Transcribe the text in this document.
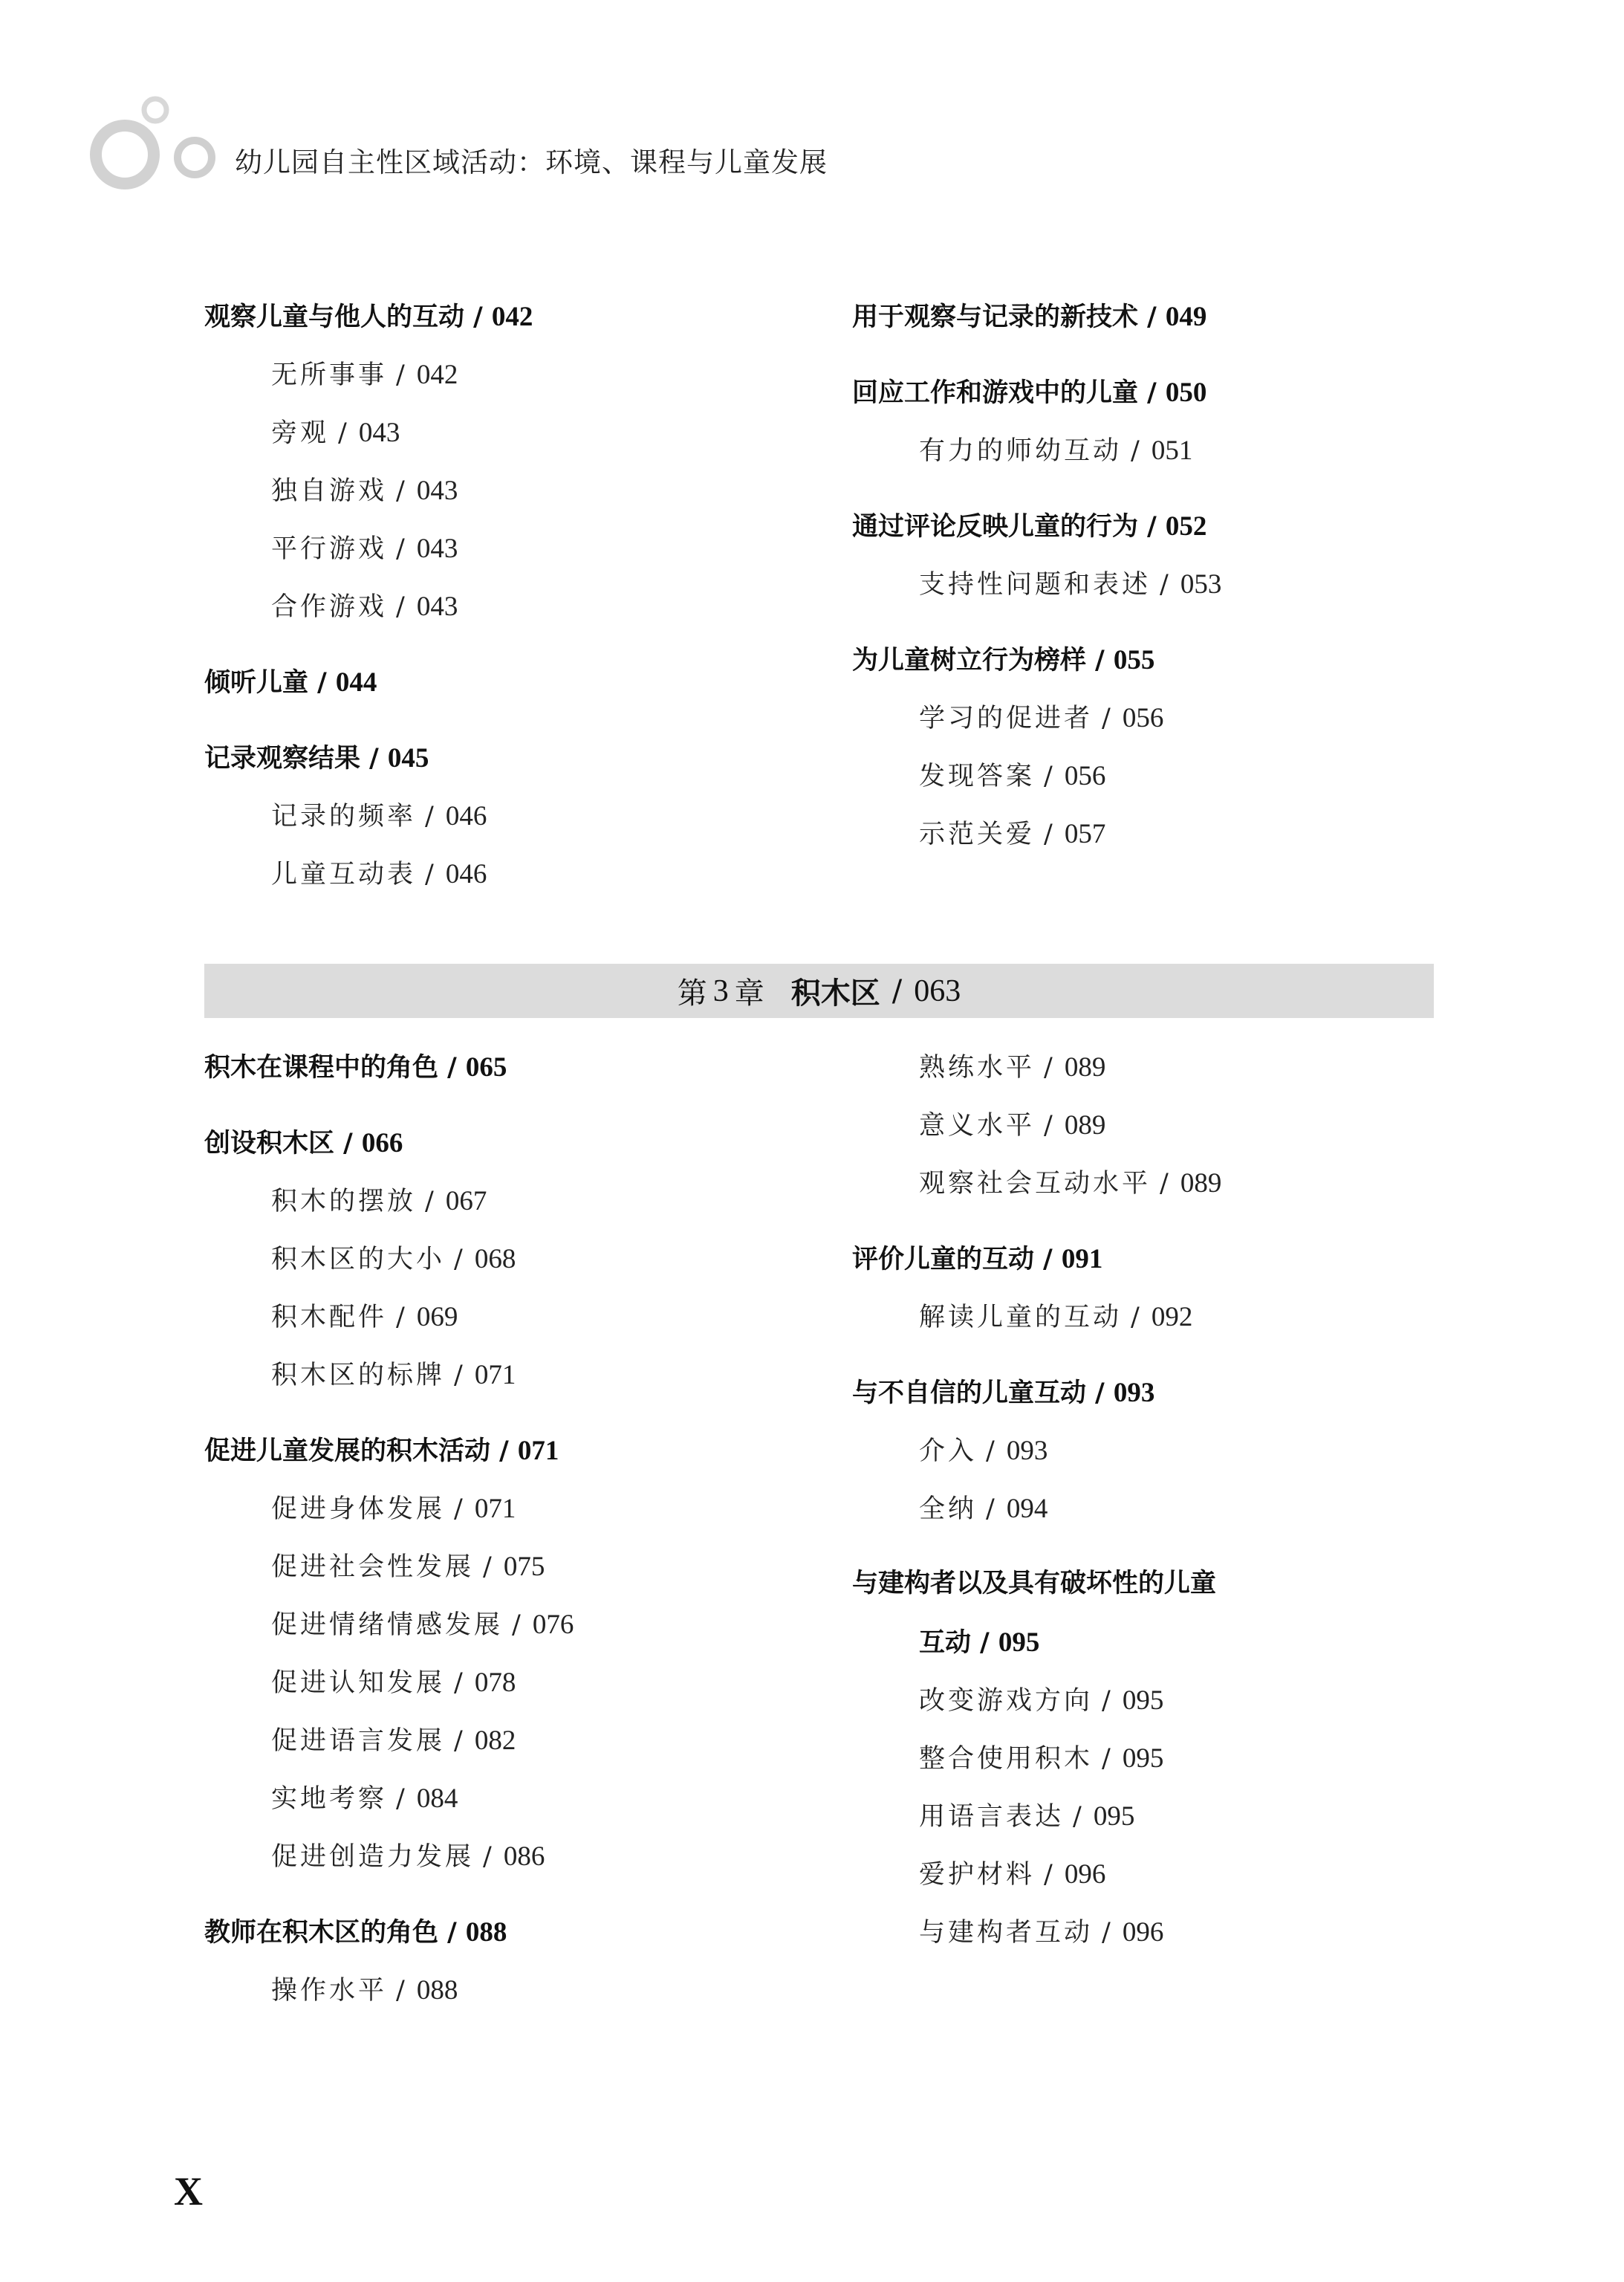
幼儿园自主性区域活动：环境、课程与儿童发展
观察儿童与他人的互动 / 042
无所事事 / 042
旁观 / 043
独自游戏 / 043
平行游戏 / 043
合作游戏 / 043
倾听儿童 / 044
记录观察结果 / 045
记录的频率 / 046
儿童互动表 / 046
用于观察与记录的新技术 / 049
回应工作和游戏中的儿童 / 050
有力的师幼互动 / 051
通过评论反映儿童的行为 / 052
支持性问题和表述 / 053
为儿童树立行为榜样 / 055
学习的促进者 / 056
发现答案 / 056
示范关爱 / 057
第 3 章 积木区 / 063
积木在课程中的角色 / 065
创设积木区 / 066
积木的摆放 / 067
积木区的大小 / 068
积木配件 / 069
积木区的标牌 / 071
促进儿童发展的积木活动 / 071
促进身体发展 / 071
促进社会性发展 / 075
促进情绪情感发展 / 076
促进认知发展 / 078
促进语言发展 / 082
实地考察 / 084
促进创造力发展 / 086
教师在积木区的角色 / 088
操作水平 / 088
熟练水平 / 089
意义水平 / 089
观察社会互动水平 / 089
评价儿童的互动 / 091
解读儿童的互动 / 092
与不自信的儿童互动 / 093
介入 / 093
全纳 / 094
与建构者以及具有破坏性的儿童
互动 / 095
改变游戏方向 / 095
整合使用积木 / 095
用语言表达 / 095
爱护材料 / 096
与建构者互动 / 096
X
